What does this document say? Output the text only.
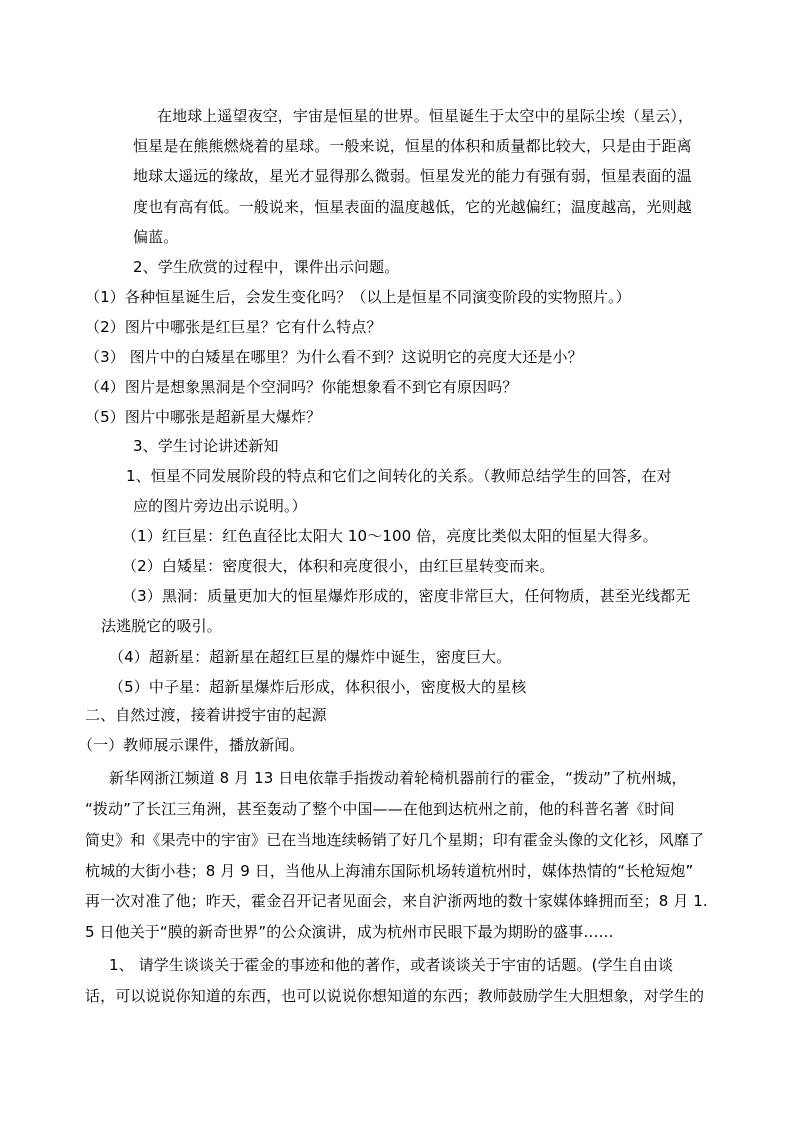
在地球上遥望夜空，宇宙是恒星的世界。恒星诞生于太空中的星际尘埃（星云），
恒星是在熊熊燃烧着的星球。一般来说，恒星的体积和质量都比较大，只是由于距离
地球太遥远的缘故，星光才显得那么微弱。恒星发光的能力有强有弱，恒星表面的温
度也有高有低。一般说来，恒星表面的温度越低，它的光越偏红；温度越高，光则越
偏蓝。
2、学生欣赏的过程中，课件出示问题。
（1）各种恒星诞生后，会发生变化吗？（以上是恒星不同演变阶段的实物照片。）
（2）图片中哪张是红巨星？它有什么特点？
（3） 图片中的白矮星在哪里？为什么看不到？这说明它的亮度大还是小？
（4）图片是想象黑洞是个空洞吗？你能想象看不到它有原因吗？
（5）图片中哪张是超新星大爆炸？
3、学生讨论讲述新知
1、恒星不同发展阶段的特点和它们之间转化的关系。（教师总结学生的回答，在对
应的图片旁边出示说明。）
（1）红巨星：红色直径比太阳大 10～100 倍，亮度比类似太阳的恒星大得多。
（2）白矮星：密度很大，体积和亮度很小，由红巨星转变而来。
（3）黑洞：质量更加大的恒星爆炸形成的，密度非常巨大，任何物质，甚至光线都无
法逃脱它的吸引。
（4）超新星：超新星在超红巨星的爆炸中诞生，密度巨大。
（5）中子星：超新星爆炸后形成，体积很小，密度极大的星核
二、自然过渡，接着讲授宇宙的起源
（一）教师展示课件，播放新闻。
新华网浙江频道 8 月 13 日电依靠手指拨动着轮椅机器前行的霍金，“拨动”了杭州城，
“拨动”了长江三角洲，甚至轰动了整个中国——在他到达杭州之前，他的科普名著《时间
简史》和《果壳中的宇宙》已在当地连续畅销了好几个星期；印有霍金头像的文化衫，风靡了
杭城的大街小巷；8 月 9 日，当他从上海浦东国际机场转道杭州时，媒体热情的“长枪短炮”
再一次对准了他；昨天，霍金召开记者见面会，来自沪浙两地的数十家媒体蜂拥而至；8 月 1.
5 日他关于“膜的新奇世界”的公众演讲，成为杭州市民眼下最为期盼的盛事……
1、 请学生谈谈关于霍金的事迹和他的著作，或者谈谈关于宇宙的话题。(学生自由谈
话，可以说说你知道的东西，也可以说说你想知道的东西；教师鼓励学生大胆想象，对学生的
